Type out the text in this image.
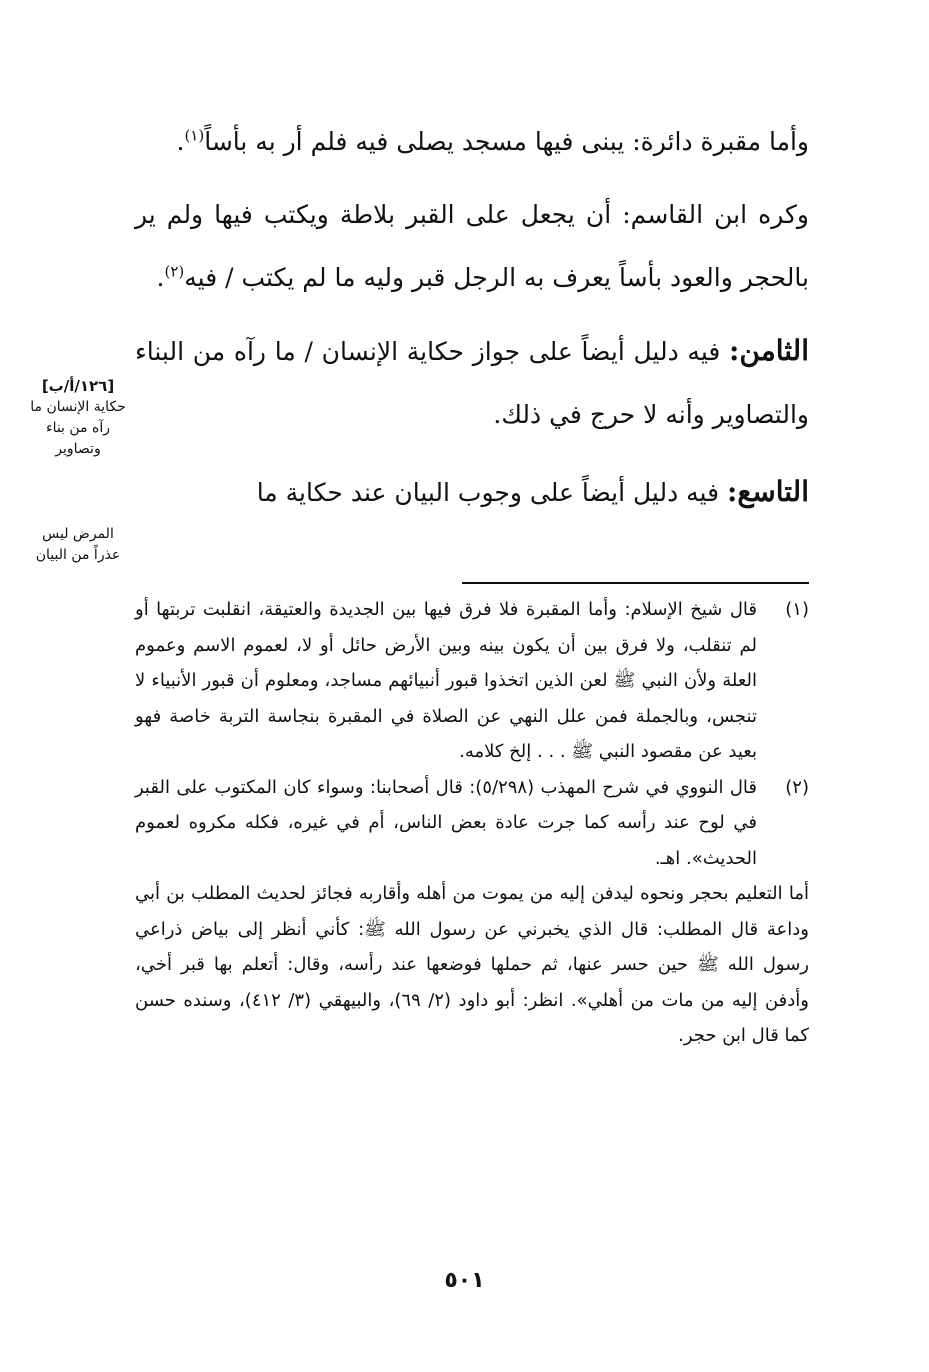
وأما مقبرة دائرة: يبنى فيها مسجد يصلى فيه فلم أر به بأساً$^{(١)}$.

وكره ابن القاسم: أن يجعل على القبر بلاطة ويكتب فيها ولم ير بالحجر والعود بأساً يعرف به الرجل قبر وليه ما لم يكتب / فيه$^{(٢)}$.

الثامن: فيه دليل أيضاً على جواز حكاية الإنسان / ما رآه من البناء والتصاوير وأنه لا حرج في ذلك.

التاسع: فيه دليل أيضاً على وجوب البيان عند حكاية ما

[١٢٦/أ/ب]
حكاية الإنسان ما رآه من بناء وتصاوير
المرض ليس عذراً من البيان
(١)
قال شيخ الإسلام: وأما المقبرة فلا فرق فيها بين الجديدة والعتيقة، انقلبت تربتها أو لم تنقلب، ولا فرق بين أن يكون بينه وبين الأرض حائل أو لا، لعموم الاسم وعموم العلة ولأن النبي ﷺ لعن الذين اتخذوا قبور أنبيائهم مساجد، ومعلوم أن قبور الأنبياء لا تنجس، وبالجملة فمن علل النهي عن الصلاة في المقبرة بنجاسة التربة خاصة فهو بعيد عن مقصود النبي ﷺ . . . إلخ كلامه.
(٢)
قال النووي في شرح المهذب (٥/٢٩٨): قال أصحابنا: وسواء كان المكتوب على القبر في لوح عند رأسه كما جرت عادة بعض الناس، أم في غيره، فكله مكروه لعموم الحديث». اهـ.

أما التعليم بحجر ونحوه ليدفن إليه من يموت من أهله وأقاربه فجائز لحديث المطلب بن أبي وداعة قال المطلب: قال الذي يخبرني عن رسول الله ﷺ: كأني أنظر إلى بياض ذراعي رسول الله ﷺ حين حسر عنها، ثم حملها فوضعها عند رأسه، وقال: أتعلم بها قبر أخي، وأدفن إليه من مات من أهلي». انظر: أبو داود (٢/ ٦٩)، والبيهقي (٣/ ٤١٢)، وسنده حسن كما قال ابن حجر.

٥٠١
